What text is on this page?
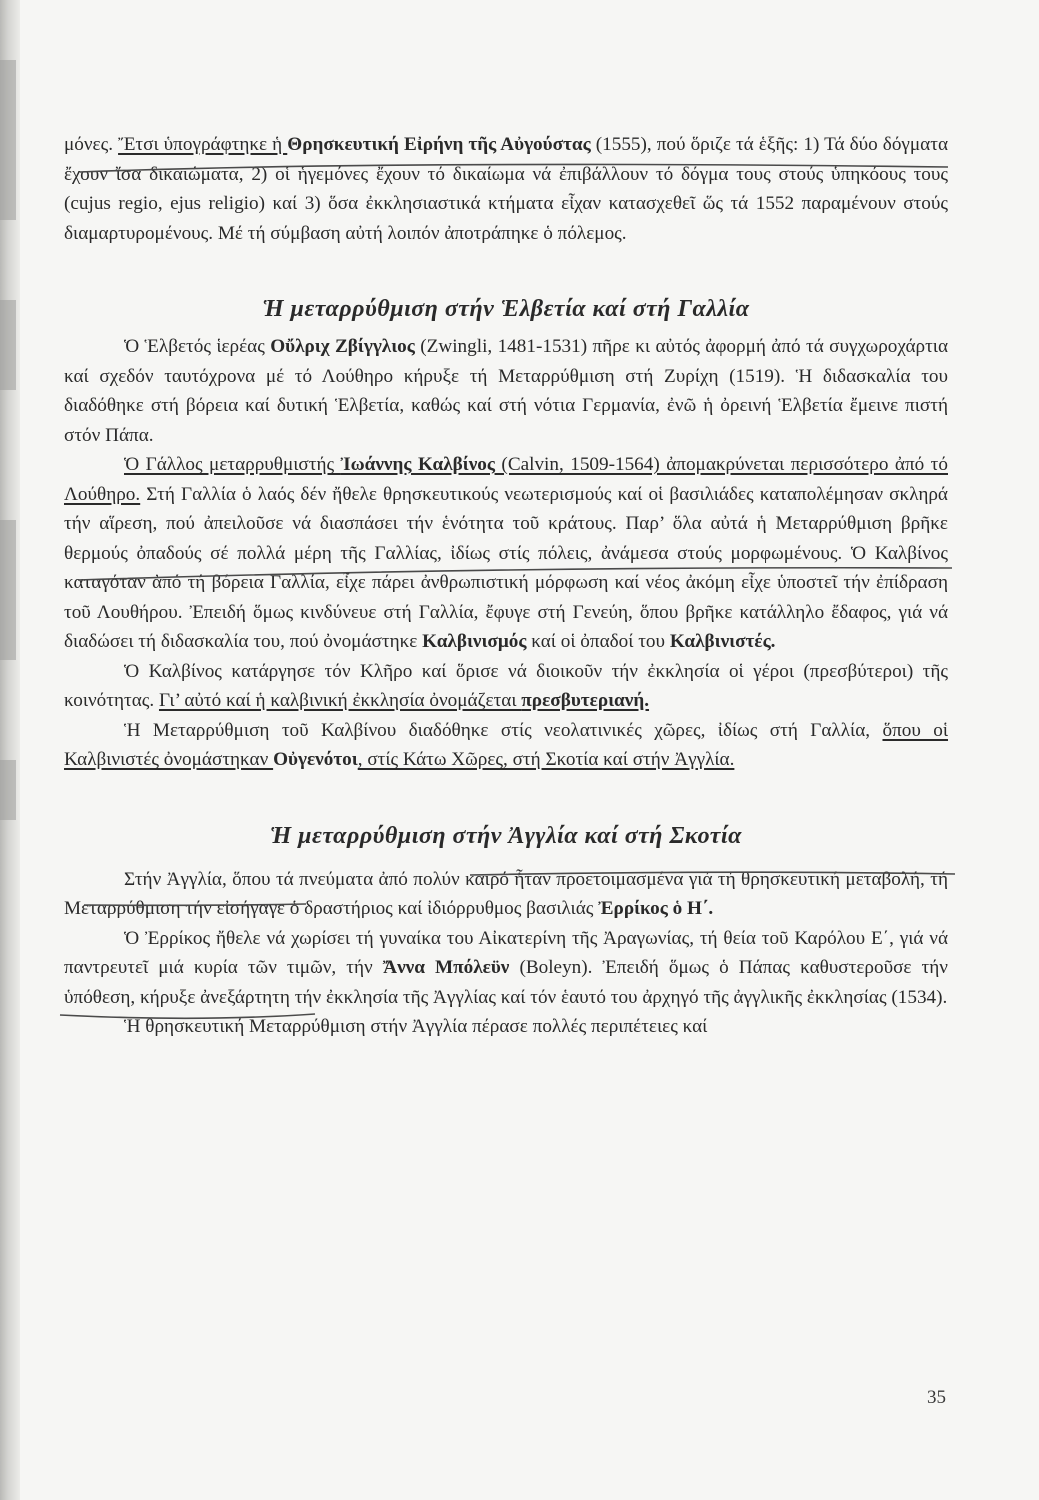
μόνες. Ἔτσι ὑπογράφτηκε ἡ Θρησκευτική Εἰρήνη τῆς Αὐγούστας (1555), πού ὅριζε τά ἑξῆς: 1) Τά δύο δόγματα ἔχουν ἴσα δικαιώματα, 2) οἱ ἡγεμόνες ἔχουν τό δικαίωμα νά ἐπιβάλλουν τό δόγμα τους στούς ὑπηκόους τους (cujus regio, ejus religio) καί 3) ὅσα ἐκκλησιαστικά κτήματα εἶχαν κατασχεθεῖ ὥς τά 1552 παραμένουν στούς διαμαρτυρομένους. Μέ τή σύμβαση αὐτή λοιπόν ἀποτράπηκε ὁ πόλεμος.

Ἡ μεταρρύθμιση στήν Ἑλβετία καί στή Γαλλία

Ὁ Ἑλβετός ἱερέας Οὔλριχ Ζβίγγλιος (Zwingli, 1481-1531) πῆρε κι αὐτός ἀφορμή ἀπό τά συγχωροχάρτια καί σχεδόν ταυτόχρονα μέ τό Λούθηρο κήρυξε τή Μεταρρύθμιση στή Ζυρίχη (1519). Ἡ διδασκαλία του διαδόθηκε στή βόρεια καί δυτική Ἑλβετία, καθώς καί στή νότια Γερμανία, ἐνῶ ἡ ὀρεινή Ἑλβετία ἔμεινε πιστή στόν Πάπα.

Ὁ Γάλλος μεταρρυθμιστής Ἰωάννης Καλβίνος (Calvin, 1509-1564) ἀπομακρύνεται περισσότερο ἀπό τό Λούθηρο. Στή Γαλλία ὁ λαός δέν ἤθελε θρησκευτικούς νεωτερισμούς καί οἱ βασιλιάδες καταπολέμησαν σκληρά τήν αἵρεση, πού ἀπειλοῦσε νά διασπάσει τήν ἑνότητα τοῦ κράτους. Παρ’ ὅλα αὐτά ἡ Μεταρρύθμιση βρῆκε θερμούς ὀπαδούς σέ πολλά μέρη τῆς Γαλλίας, ἰδίως στίς πόλεις, ἀνάμεσα στούς μορφωμένους. Ὁ Καλβίνος καταγόταν ἀπό τή βόρεια Γαλλία, εἶχε πάρει ἀνθρωπιστική μόρφωση καί νέος ἀκόμη εἶχε ὑποστεῖ τήν ἐπίδραση τοῦ Λουθήρου. Ἐπειδή ὅμως κινδύνευε στή Γαλλία, ἔφυγε στή Γενεύη, ὅπου βρῆκε κατάλληλο ἔδαφος, γιά νά διαδώσει τή διδασκαλία του, πού ὀνομάστηκε Καλβινισμός καί οἱ ὀπαδοί του Καλβινιστές.

Ὁ Καλβίνος κατάργησε τόν Κλῆρο καί ὅρισε νά διοικοῦν τήν ἐκκλησία οἱ γέροι (πρεσβύτεροι) τῆς κοινότητας. Γι’ αὐτό καί ἡ καλβινική ἐκκλησία ὀνομάζεται πρεσβυτεριανή.

Ἡ Μεταρρύθμιση τοῦ Καλβίνου διαδόθηκε στίς νεολατινικές χῶρες, ἰδίως στή Γαλλία, ὅπου οἱ Καλβινιστές ὀνομάστηκαν Οὐγενότοι, στίς Κάτω Χῶρες, στή Σκοτία καί στήν Ἀγγλία.

Ἡ μεταρρύθμιση στήν Ἀγγλία καί στή Σκοτία

Στήν Ἀγγλία, ὅπου τά πνεύματα ἀπό πολύν καιρό ἦταν προετοιμασμένα γιά τή θρησκευτική μεταβολή, τή Μεταρρύθμιση τήν εἰσήγαγε ὁ δραστήριος καί ἰδιόρρυθμος βασιλιάς Ἐρρίκος ὁ Η΄.

Ὁ Ἐρρίκος ἤθελε νά χωρίσει τή γυναίκα του Αἰκατερίνη τῆς Ἀραγωνίας, τή θεία τοῦ Καρόλου Ε΄, γιά νά παντρευτεῖ μιά κυρία τῶν τιμῶν, τήν Ἄννα Μπόλεϋν (Boleyn). Ἐπειδή ὅμως ὁ Πάπας καθυστεροῦσε τήν ὑπόθεση, κήρυξε ἀνεξάρτητη τήν ἐκκλησία τῆς Ἀγγλίας καί τόν ἑαυτό του ἀρχηγό τῆς ἀγγλικῆς ἐκκλησίας (1534).

Ἡ θρησκευτική Μεταρρύθμιση στήν Ἀγγλία πέρασε πολλές περιπέτειες καί

35
